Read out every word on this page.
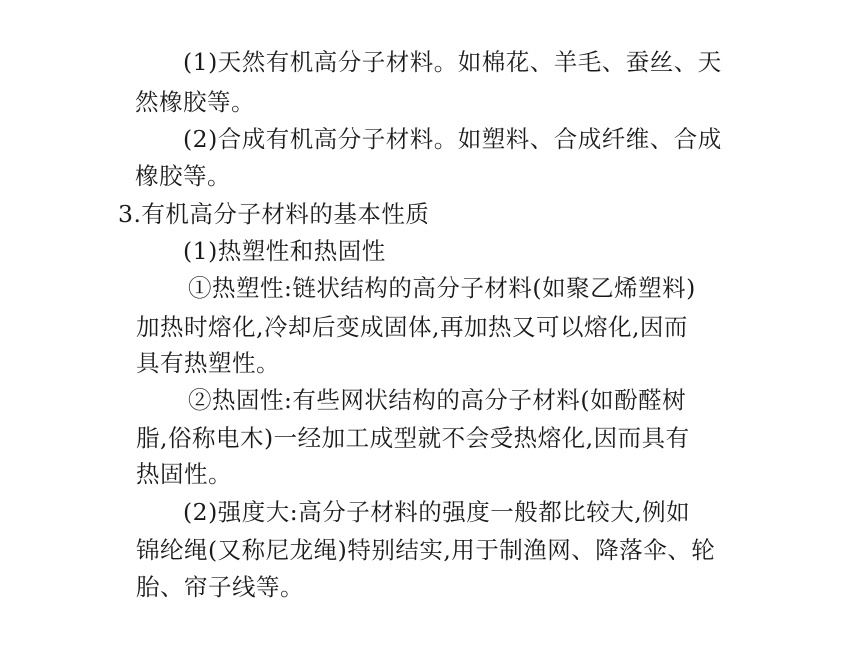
(1)天然有机高分子材料。如棉花、羊毛、蚕丝、天
然橡胶等。
(2)合成有机高分子材料。如塑料、合成纤维、合成
橡胶等。
3.有机高分子材料的基本性质
(1)热塑性和热固性
①热塑性:链状结构的高分子材料(如聚乙烯塑料)
加热时熔化,冷却后变成固体,再加热又可以熔化,因而
具有热塑性。
②热固性:有些网状结构的高分子材料(如酚醛树
脂,俗称电木)一经加工成型就不会受热熔化,因而具有
热固性。
(2)强度大:高分子材料的强度一般都比较大,例如
锦纶绳(又称尼龙绳)特别结实,用于制渔网、降落伞、轮
胎、帘子线等。
